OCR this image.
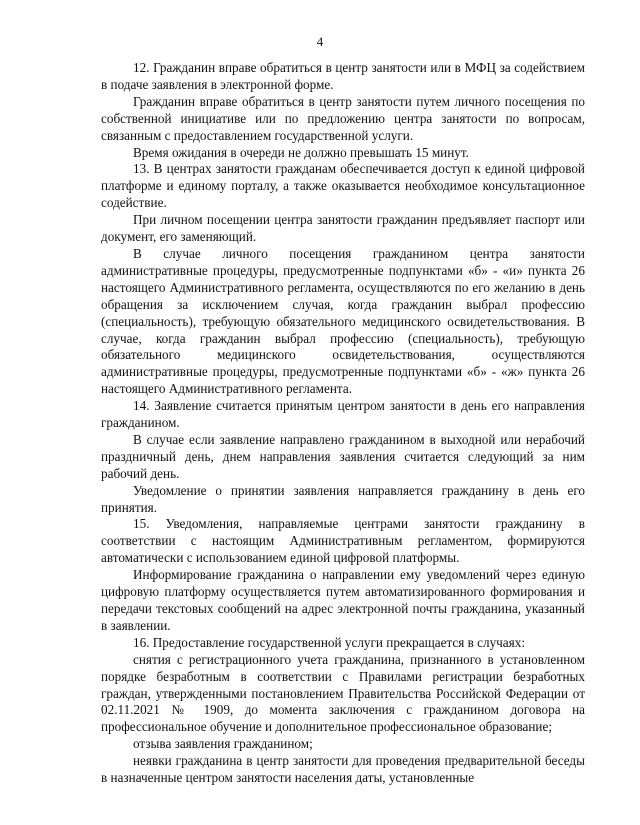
4

12. Гражданин вправе обратиться в центр занятости или в МФЦ за содействием в подаче заявления в электронной форме.

Гражданин вправе обратиться в центр занятости путем личного посещения по собственной инициативе или по предложению центра занятости по вопросам, связанным с предоставлением государственной услуги.

Время ожидания в очереди не должно превышать 15 минут.

13. В центрах занятости гражданам обеспечивается доступ к единой цифровой платформе и единому порталу, а также оказывается необходимое консультационное содействие.

При личном посещении центра занятости гражданин предъявляет паспорт или документ, его заменяющий.

В случае личного посещения гражданином центра занятости административные процедуры, предусмотренные подпунктами «б» - «и» пункта 26 настоящего Административного регламента, осуществляются по его желанию в день обращения за исключением случая, когда гражданин выбрал профессию (специальность), требующую обязательного медицинского освидетельствования. В случае, когда гражданин выбрал профессию (специальность), требующую обязательного медицинского освидетельствования, осуществляются административные процедуры, предусмотренные подпунктами «б» - «ж» пункта 26 настоящего Административного регламента.

14. Заявление считается принятым центром занятости в день его направления гражданином.

В случае если заявление направлено гражданином в выходной или нерабочий праздничный день, днем направления заявления считается следующий за ним рабочий день.

Уведомление о принятии заявления направляется гражданину в день его принятия.

15. Уведомления, направляемые центрами занятости гражданину в соответствии с настоящим Административным регламентом, формируются автоматически с использованием единой цифровой платформы.

Информирование гражданина о направлении ему уведомлений через единую цифровую платформу осуществляется путем автоматизированного формирования и передачи текстовых сообщений на адрес электронной почты гражданина, указанный в заявлении.

16. Предоставление государственной услуги прекращается в случаях:

снятия с регистрационного учета гражданина, признанного в установленном порядке безработным в соответствии с Правилами регистрации безработных граждан, утвержденными постановлением Правительства Российской Федерации от 02.11.2021 № 1909, до момента заключения с гражданином договора на профессиональное обучение и дополнительное профессиональное образование;

отзыва заявления гражданином;

неявки гражданина в центр занятости для проведения предварительной беседы в назначенные центром занятости населения даты, установленные
